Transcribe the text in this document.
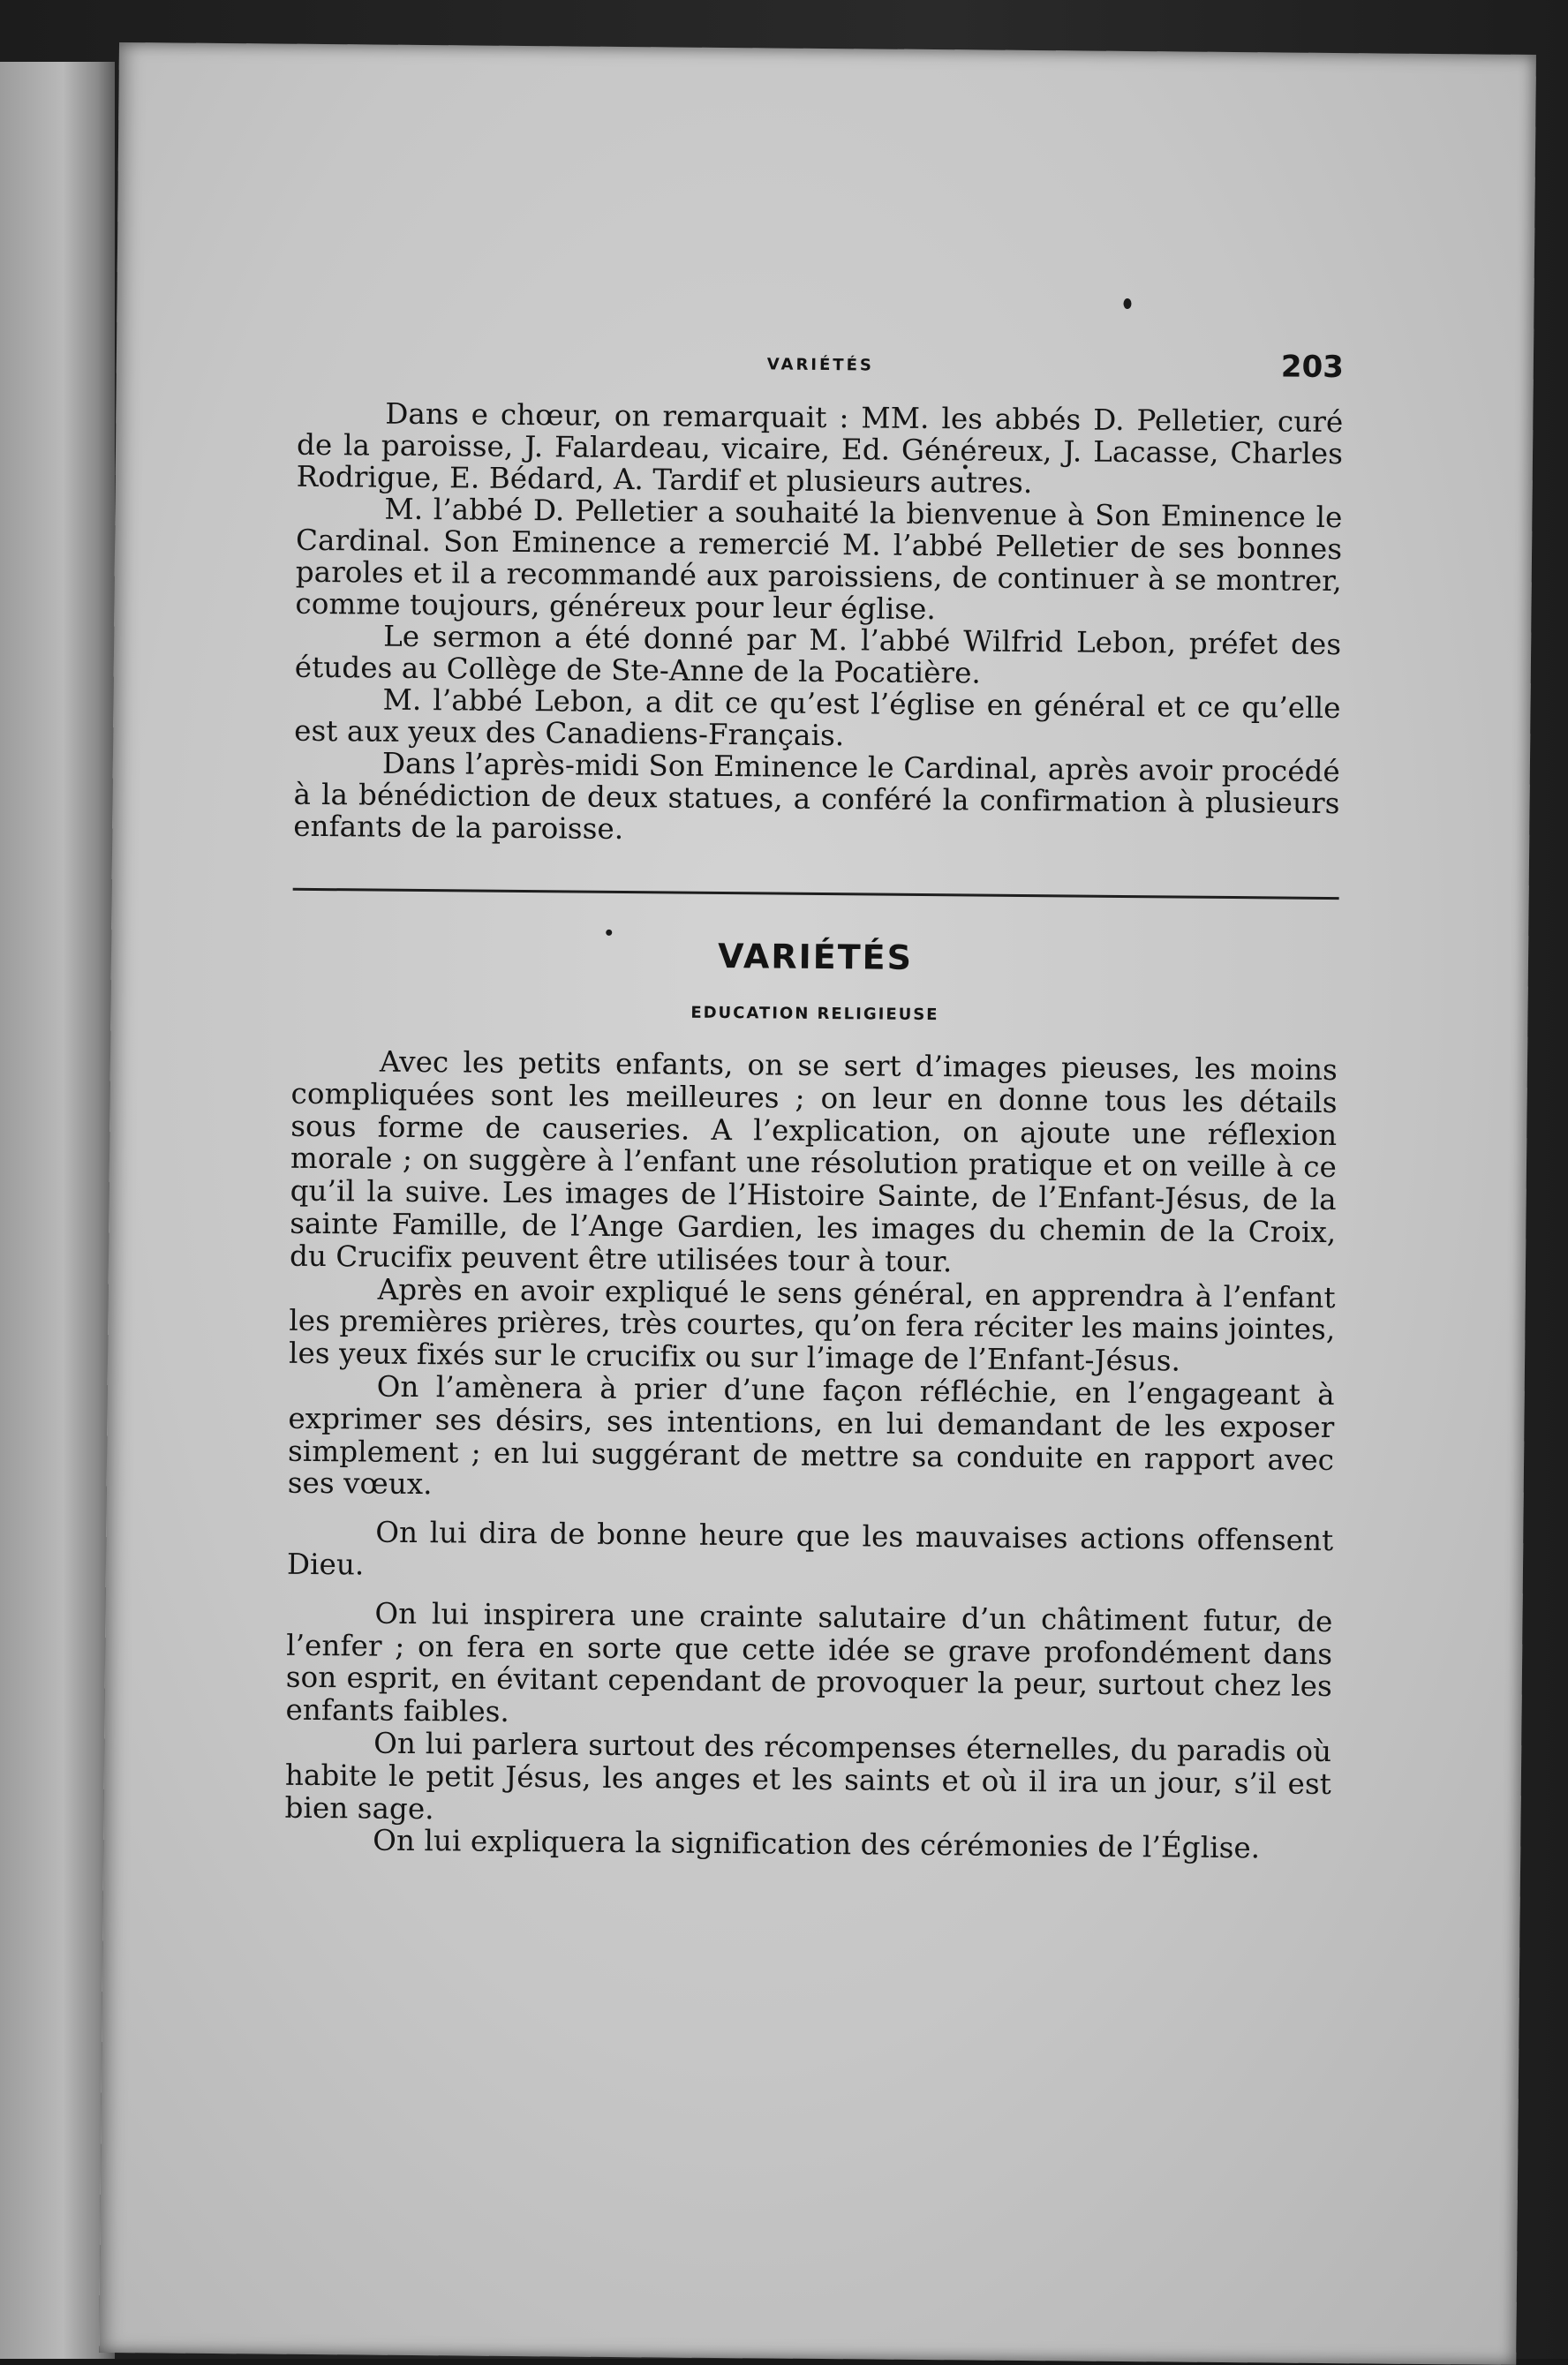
VARIÉTÉS	203

Dans e chœur, on remarquait : MM. les abbés D. Pelletier, curé de la paroisse, J. Falardeau, vicaire, Ed. Généreux, J. Lacasse, Charles Rodrigue, E. Bédard, A. Tardif et plusieurs autres.

M. l’abbé D. Pelletier a souhaité la bienvenue à Son Eminence le Cardinal. Son Eminence a remercié M. l’abbé Pelletier de ses bonnes paroles et il a recommandé aux paroissiens, de continuer à se montrer, comme toujours, généreux pour leur église.

Le sermon a été donné par M. l’abbé Wilfrid Lebon, préfet des études au Collège de Ste-Anne de la Pocatière.

M. l’abbé Lebon, a dit ce qu’est l’église en général et ce qu’elle est aux yeux des Canadiens-Français.

Dans l’après-midi Son Eminence le Cardinal, après avoir procédé à la bénédiction de deux statues, a conféré la confirmation à plusieurs enfants de la paroisse.

VARIÉTÉS
EDUCATION RELIGIEUSE

Avec les petits enfants, on se sert d’images pieuses, les moins compliquées sont les meilleures ; on leur en donne tous les détails sous forme de causeries. A l’explication, on ajoute une réflexion morale ; on suggère à l’enfant une résolution pratique et on veille à ce qu’il la suive. Les images de l’Histoire Sainte, de l’Enfant-Jésus, de la sainte Famille, de l’Ange Gardien, les images du chemin de la Croix, du Crucifix peuvent être utilisées tour à tour.

Après en avoir expliqué le sens général, en apprendra à l’enfant les premières prières, très courtes, qu’on fera réciter les mains jointes, les yeux fixés sur le crucifix ou sur l’image de l’Enfant-Jésus.

On l’amènera à prier d’une façon réfléchie, en l’engageant à exprimer ses désirs, ses intentions, en lui demandant de les exposer simplement ; en lui suggérant de mettre sa conduite en rapport avec ses vœux.

On lui dira de bonne heure que les mauvaises actions offensent Dieu.

On lui inspirera une crainte salutaire d’un châtiment futur, de l’enfer ; on fera en sorte que cette idée se grave profondément dans son esprit, en évitant cependant de provoquer la peur, surtout chez les enfants faibles.

On lui parlera surtout des récompenses éternelles, du paradis où habite le petit Jésus, les anges et les saints et où il ira un jour, s’il est bien sage.

On lui expliquera la signification des cérémonies de l’Église.
